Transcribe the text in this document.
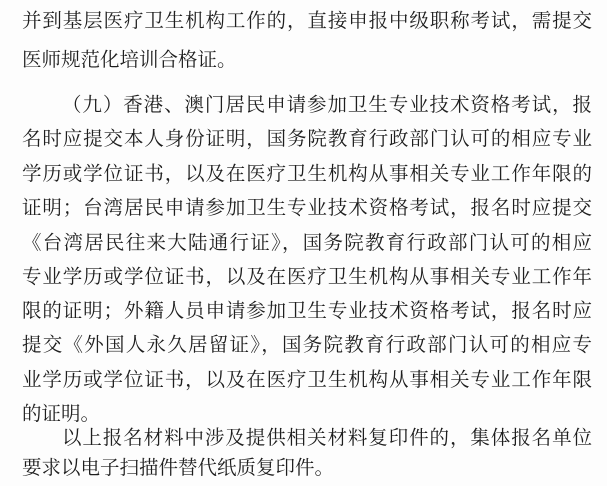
并到基层医疗卫生机构工作的，直接申报中级职称考试，需提交
医师规范化培训合格证。
（九）香港、澳门居民申请参加卫生专业技术资格考试，报
名时应提交本人身份证明，国务院教育行政部门认可的相应专业
学历或学位证书，以及在医疗卫生机构从事相关专业工作年限的
证明；台湾居民申请参加卫生专业技术资格考试，报名时应提交
《台湾居民往来大陆通行证》，国务院教育行政部门认可的相应
专业学历或学位证书，以及在医疗卫生机构从事相关专业工作年
限的证明；外籍人员申请参加卫生专业技术资格考试，报名时应
提交《外国人永久居留证》，国务院教育行政部门认可的相应专
业学历或学位证书，以及在医疗卫生机构从事相关专业工作年限
的证明。
以上报名材料中涉及提供相关材料复印件的，集体报名单位
要求以电子扫描件替代纸质复印件。
